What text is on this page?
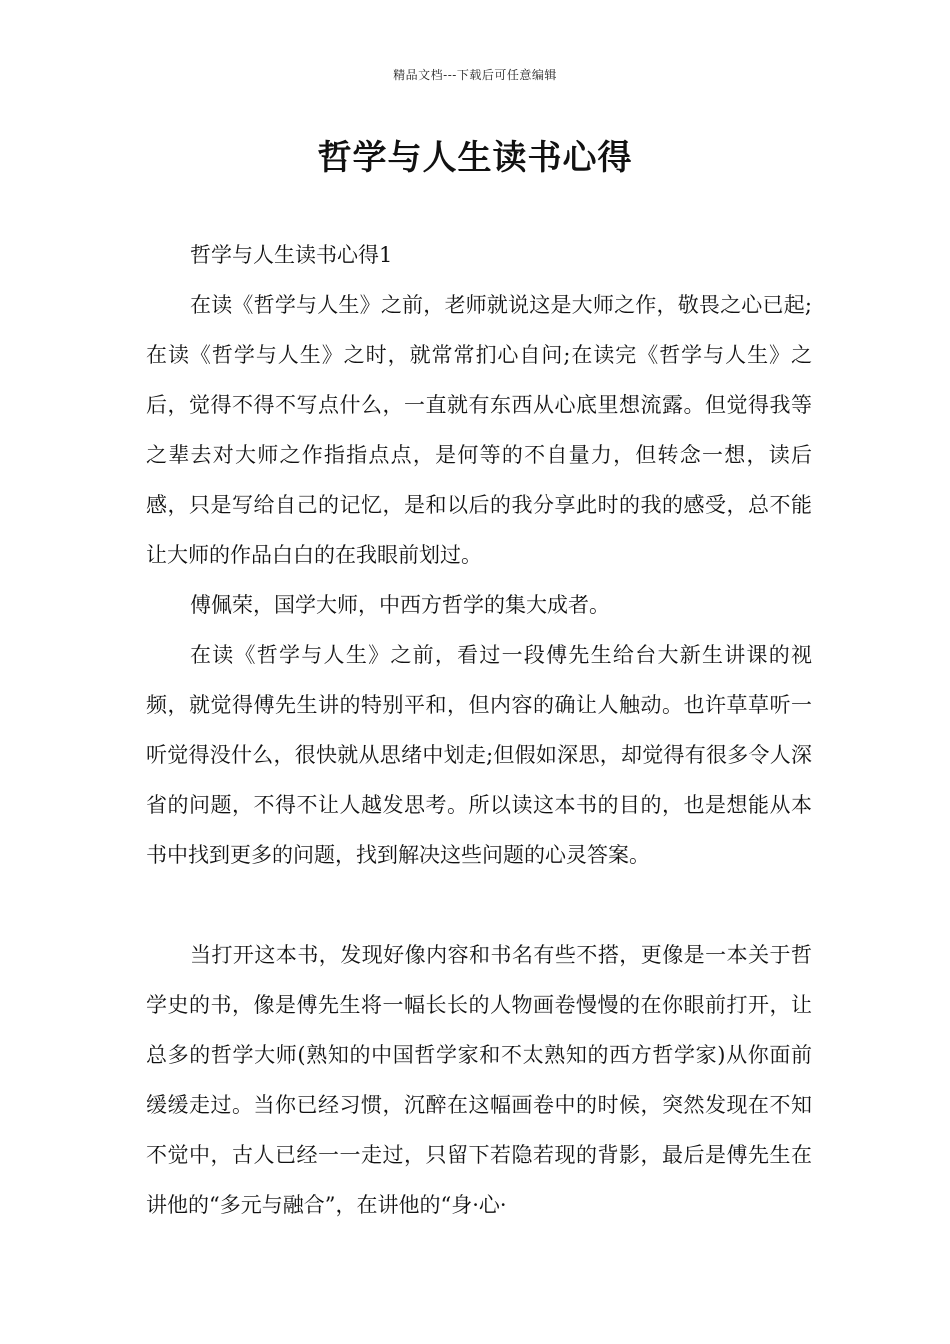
精品文档---下载后可任意编辑
哲学与人生读书心得

哲学与人生读书心得1

在读《哲学与人生》之前，老师就说这是大师之作，敬畏之心已起;在读《哲学与人生》之时，就常常扪心自问;在读完《哲学与人生》之后，觉得不得不写点什么，一直就有东西从心底里想流露。但觉得我等之辈去对大师之作指指点点，是何等的不自量力，但转念一想，读后感，只是写给自己的记忆，是和以后的我分享此时的我的感受，总不能让大师的作品白白的在我眼前划过。

傅佩荣，国学大师，中西方哲学的集大成者。

在读《哲学与人生》之前，看过一段傅先生给台大新生讲课的视频，就觉得傅先生讲的特别平和，但内容的确让人触动。也许草草听一听觉得没什么，很快就从思绪中划走;但假如深思，却觉得有很多令人深省的问题，不得不让人越发思考。所以读这本书的目的，也是想能从本书中找到更多的问题，找到解决这些问题的心灵答案。

当打开这本书，发现好像内容和书名有些不搭，更像是一本关于哲学史的书，像是傅先生将一幅长长的人物画卷慢慢的在你眼前打开，让总多的哲学大师(熟知的中国哲学家和不太熟知的西方哲学家)从你面前缓缓走过。当你已经习惯，沉醉在这幅画卷中的时候，突然发现在不知不觉中，古人已经一一走过，只留下若隐若现的背影，最后是傅先生在讲他的“多元与融合”，在讲他的“身·心·
